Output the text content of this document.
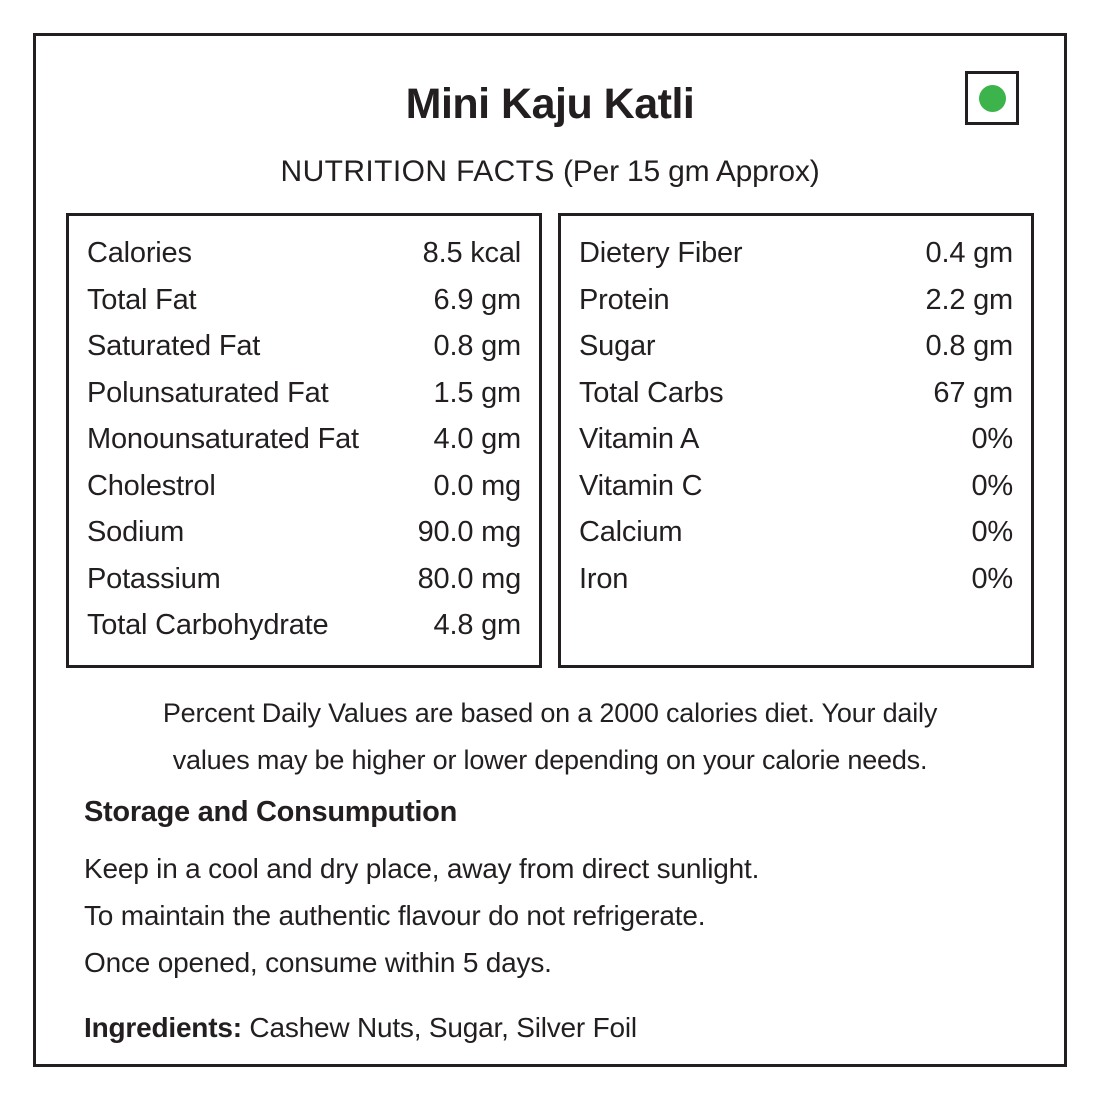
Mini Kaju Katli
NUTRITION FACTS (Per 15 gm Approx)
Calories	8.5 kcal
Total Fat	6.9 gm
Saturated Fat	0.8 gm
Polunsaturated Fat	1.5 gm
Monounsaturated Fat	4.0 gm
Cholestrol	0.0 mg
Sodium	90.0 mg
Potassium	80.0 mg
Total Carbohydrate	4.8 gm
Dietery Fiber	0.4 gm
Protein	2.2 gm
Sugar	0.8 gm
Total Carbs	67 gm
Vitamin A	0%
Vitamin C	0%
Calcium	0%
Iron	0%
Percent Daily Values are based on a 2000 calories diet. Your daily
values may be higher or lower depending on your calorie needs.
Storage and Consumpution
Keep in a cool and dry place, away from direct sunlight.
To maintain the authentic flavour do not refrigerate.
Once opened, consume within 5 days.
Ingredients: Cashew Nuts, Sugar, Silver Foil
